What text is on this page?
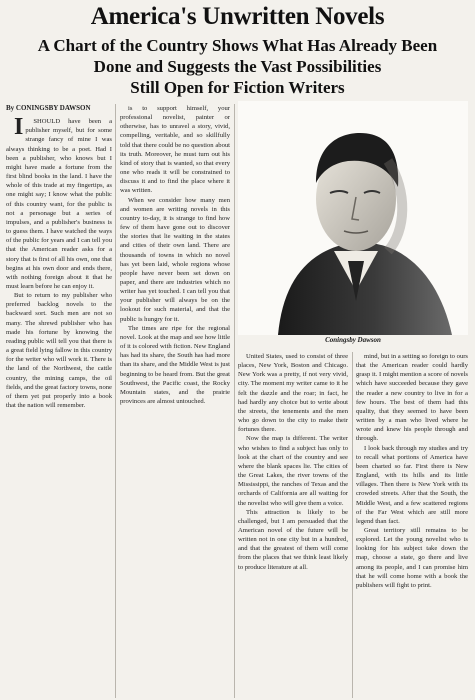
America's Unwritten Novels
A Chart of the Country Shows What Has Already Been
Done and Suggests the Vast Possibilities
Still Open for Fiction Writers

By CONINGSBY DAWSON

I SHOULD have been a publisher myself, but for some strange fancy of mine I was always thinking to be a poet. Had I been a publisher, who knows but I might have made a fortune from the first blind books in the land. I have the whole of this trade at my fingertips, as one might say; I know what the public of this country want, for the public is not a personage but a series of impulses, and a publisher's business is to guess them. I have watched the ways of the public for years and I can tell you that the American reader asks for a story that is first of all his own, one that begins at his own door and ends there, with nothing foreign about it that he must learn before he can enjoy it.

But to return to my publisher who preferred backlog novels to the backward sort. Such men are not so many. The shrewd publisher who has made his fortune by knowing the reading public will tell you that there is a great field lying fallow in this country for the writer who will work it. There is the land of the Northwest, the cattle country, the mining camps, the oil fields, and the great factory towns, none of them yet put properly into a book that the nation will remember.

is to support himself, your professional novelist, painter or otherwise, has to unravel a story, vivid, compelling, veritable, and so skillfully told that there could be no question about its truth. Moreover, he must turn out his kind of story that is wanted, so that every one who reads it will be constrained to discuss it and to find the place where it was written.

When we consider how many men and women are writing novels in this country to-day, it is strange to find how few of them have gone out to discover the stories that lie waiting in the states and cities of their own land. There are thousands of towns in which no novel has yet been laid, whole regions whose people have never been set down on paper, and there are industries which no writer has yet touched. I can tell you that your publisher will always be on the lookout for such material, and that the public is hungry for it.

The times are ripe for the regional novel. Look at the map and see how little of it is colored with fiction. New England has had its share, the South has had more than its share, and the Middle West is just beginning to be heard from. But the great Southwest, the Pacific coast, the Rocky Mountain states, and the prairie provinces are almost untouched.

Coningsby Dawson

United States, used to consist of three places, New York, Boston and Chicago. New York was a pretty, if not very vivid, city. The moment my writer came to it he felt the dazzle and the roar; in fact, he had hardly any choice but to write about the streets, the tenements and the men who go down to the city to make their fortunes there.

Now the map is different. The writer who wishes to find a subject has only to look at the chart of the country and see where the blank spaces lie. The cities of the Great Lakes, the river towns of the Mississippi, the ranches of Texas and the orchards of California are all waiting for the novelist who will give them a voice.

This attraction is likely to be challenged, but I am persuaded that the American novel of the future will be written not in one city but in a hundred, and that the greatest of them will come from the places that we think least likely to produce literature at all.

mind, but in a setting so foreign to ours that the American reader could hardly grasp it. I might mention a score of novels which have succeeded because they gave the reader a new country to live in for a few hours. The best of them had this quality, that they seemed to have been written by a man who lived where he wrote and knew his people through and through.

I look back through my studies and try to recall what portions of America have been charted so far. First there is New England, with its hills and its little villages. Then there is New York with its crowded streets. After that the South, the Middle West, and a few scattered regions of the Far West which are still more legend than fact.

Great territory still remains to be explored. Let the young novelist who is looking for his subject take down the map, choose a state, go there and live among its people, and I can promise him that he will come home with a book the publishers will fight to print.
